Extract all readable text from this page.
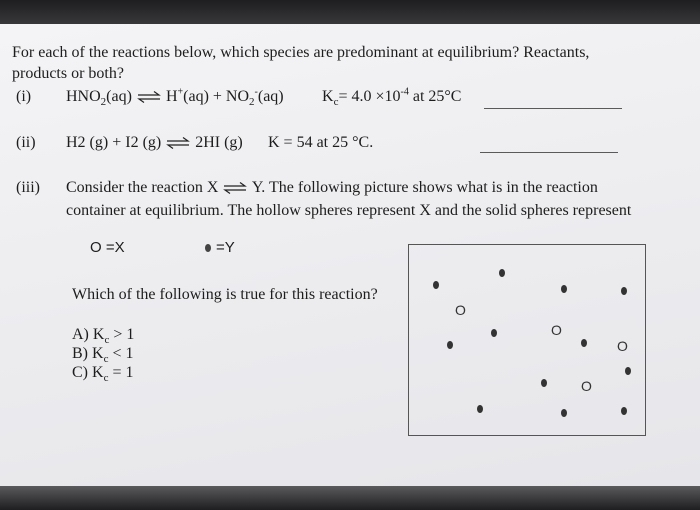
For each of the reactions below, which species are predominant at equilibrium? Reactants,
products or both?
(i) $HNO_2(aq)$ ⇌ $H^+(aq) + NO_2^-(aq)$ $K_c= 4.0 \times 10^{-4}$ at 25°C
(ii) H2 (g) + I2 (g) ⇌ 2HI (g) K = 54 at 25 °C.
(iii) Consider the reaction X ⇌ Y. The following picture shows what is in the reaction
container at equilibrium. The hollow spheres represent X and the solid spheres represent
O =X	=Y
Which of the following is true for this reaction?
A) $K_c > 1$
B) $K_c < 1$
C) $K_c = 1$
O
O
O
O
